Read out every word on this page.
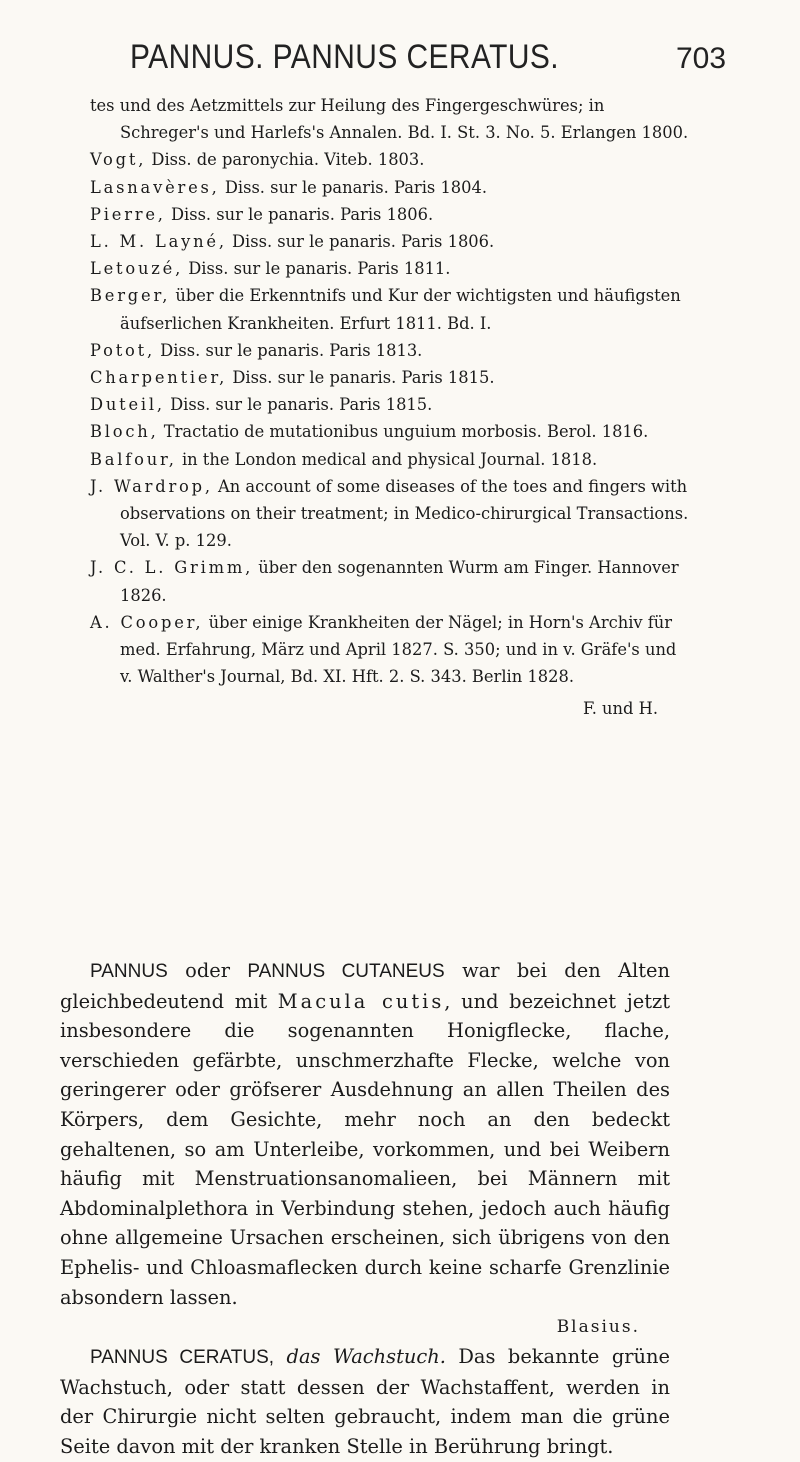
PANNUS. PANNUS CERATUS.	703

tes und des Aetzmittels zur Heilung des Fingergeschwüres; in Schreger's und Harlefs's Annalen. Bd. I. St. 3. No. 5. Erlangen 1800.

Vogt, Diss. de paronychia. Viteb. 1803.

Lasnavères, Diss. sur le panaris. Paris 1804.

Pierre, Diss. sur le panaris. Paris 1806.

L. M. Layné, Diss. sur le panaris. Paris 1806.

Letouzé, Diss. sur le panaris. Paris 1811.

Berger, über die Erkenntnifs und Kur der wichtigsten und häufigsten äufserlichen Krankheiten. Erfurt 1811. Bd. I.

Potot, Diss. sur le panaris. Paris 1813.

Charpentier, Diss. sur le panaris. Paris 1815.

Duteil, Diss. sur le panaris. Paris 1815.

Bloch, Tractatio de mutationibus unguium morbosis. Berol. 1816.

Balfour, in the London medical and physical Journal. 1818.

J. Wardrop, An account of some diseases of the toes and fingers with observations on their treatment; in Medico-chirurgical Transactions. Vol. V. p. 129.

J. C. L. Grimm, über den sogenannten Wurm am Finger. Hannover 1826.

A. Cooper, über einige Krankheiten der Nägel; in Horn's Archiv für med. Erfahrung, März und April 1827. S. 350; und in v. Gräfe's und v. Walther's Journal, Bd. XI. Hft. 2. S. 343. Berlin 1828.

F. und H.

PANNUS oder PANNUS CUTANEUS war bei den Alten gleichbedeutend mit Macula cutis, und bezeichnet jetzt insbesondere die sogenannten Honigflecke, flache, verschieden gefärbte, unschmerzhafte Flecke, welche von geringerer oder gröfserer Ausdehnung an allen Theilen des Körpers, dem Gesichte, mehr noch an den bedeckt gehaltenen, so am Unterleibe, vorkommen, und bei Weibern häufig mit Menstruationsanomalieen, bei Männern mit Abdominalplethora in Verbindung stehen, jedoch auch häufig ohne allgemeine Ursachen erscheinen, sich übrigens von den Ephelis- und Chloasmaflecken durch keine scharfe Grenzlinie absondern lassen.

Blasius.

PANNUS CERATUS, das Wachstuch. Das bekannte grüne Wachstuch, oder statt dessen der Wachstaffent, werden in der Chirurgie nicht selten gebraucht, indem man die grüne Seite davon mit der kranken Stelle in Berührung bringt.
